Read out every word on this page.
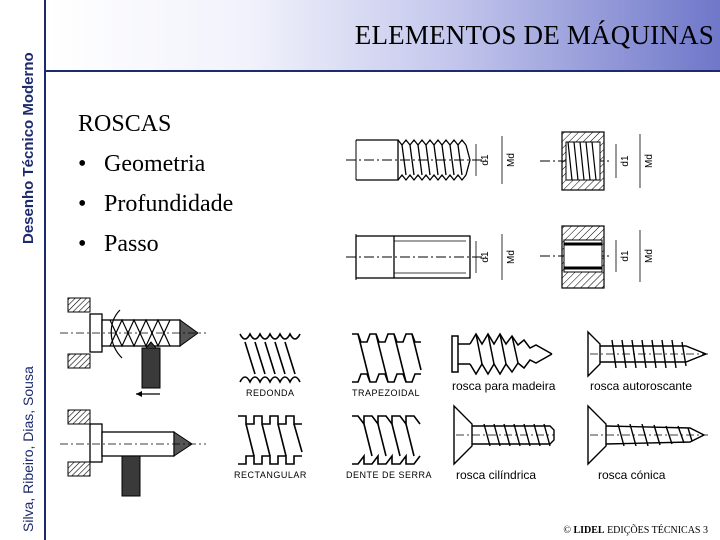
Desenho Técnico Moderno
Silva, Ribeiro, Dias, Sousa
ELEMENTOS DE MÁQUINAS
ROSCAS
• Geometria
• Profundidade
• Passo
d1 Md	d1 Md
d1 Md	d1 Md
REDONDA	TRAPEZOIDAL	rosca para madeira	rosca autoroscante
RECTANGULAR	DENTE DE SERRA rosca cilíndrica	rosca cónica
© LIDEL EDIÇÕES TÉCNICAS 3
